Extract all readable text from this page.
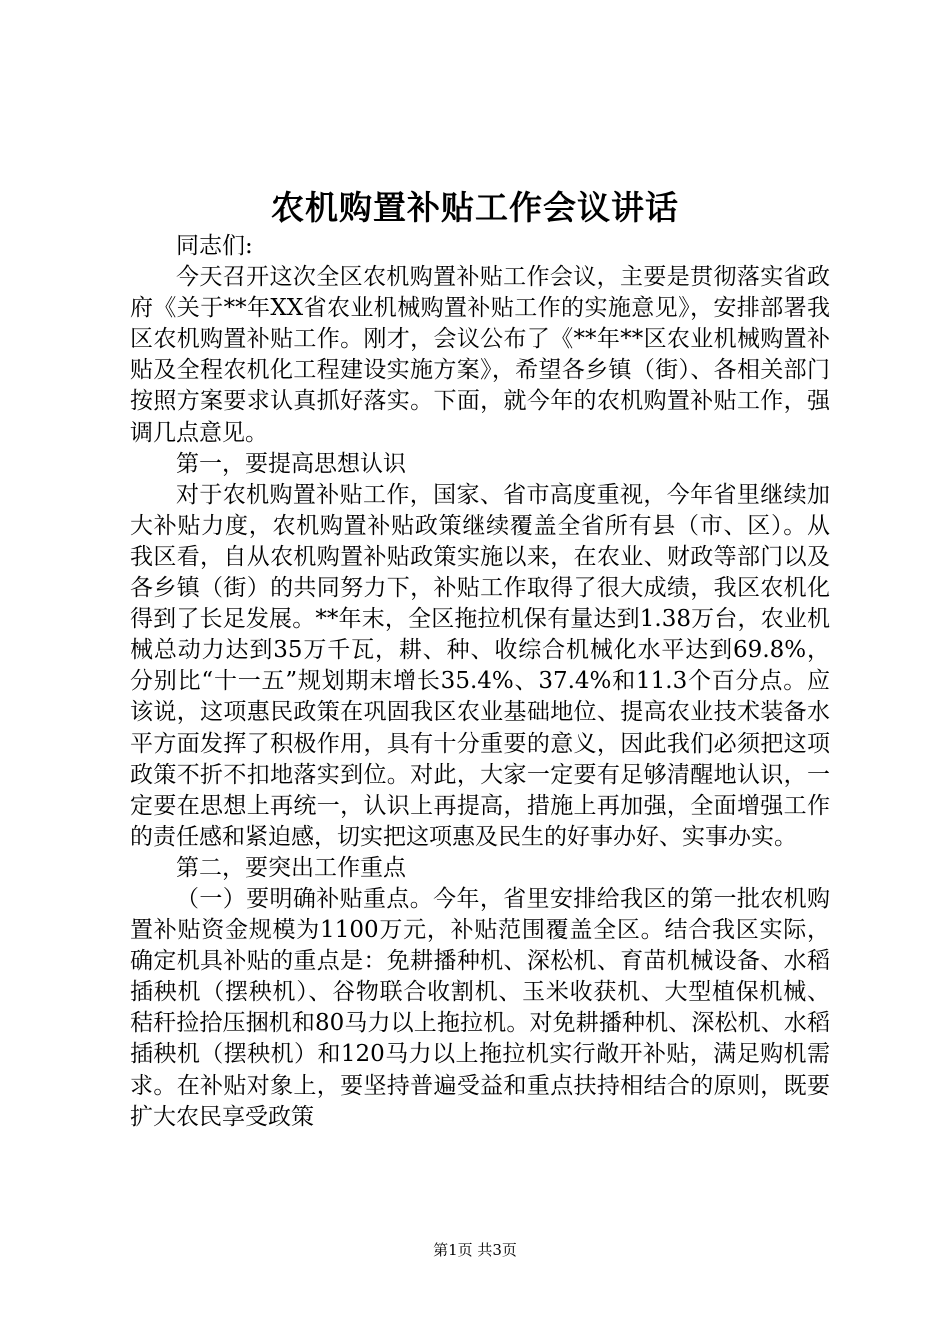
农机购置补贴工作会议讲话

同志们:

今天召开这次全区农机购置补贴工作会议，主要是贯彻落实省政府《关于**年XX省农业机械购置补贴工作的实施意见》，安排部署我区农机购置补贴工作。刚才，会议公布了《**年**区农业机械购置补贴及全程农机化工程建设实施方案》，希望各乡镇（街）、各相关部门按照方案要求认真抓好落实。下面，就今年的农机购置补贴工作，强调几点意见。

第一，要提高思想认识

对于农机购置补贴工作，国家、省市高度重视，今年省里继续加大补贴力度，农机购置补贴政策继续覆盖全省所有县（市、区）。从我区看，自从农机购置补贴政策实施以来，在农业、财政等部门以及各乡镇（街）的共同努力下，补贴工作取得了很大成绩，我区农机化得到了长足发展。**年末，全区拖拉机保有量达到1.38万台，农业机械总动力达到35万千瓦，耕、种、收综合机械化水平达到69.8%，分别比“十一五”规划期末增长35.4%、37.4%和11.3个百分点。应该说，这项惠民政策在巩固我区农业基础地位、提高农业技术装备水平方面发挥了积极作用，具有十分重要的意义，因此我们必须把这项政策不折不扣地落实到位。对此，大家一定要有足够清醒地认识，一定要在思想上再统一，认识上再提高，措施上再加强，全面增强工作的责任感和紧迫感，切实把这项惠及民生的好事办好、实事办实。

第二，要突出工作重点

（一）要明确补贴重点。今年，省里安排给我区的第一批农机购置补贴资金规模为1100万元，补贴范围覆盖全区。结合我区实际，确定机具补贴的重点是：免耕播种机、深松机、育苗机械设备、水稻插秧机（摆秧机）、谷物联合收割机、玉米收获机、大型植保机械、秸秆捡拾压捆机和80马力以上拖拉机。对免耕播种机、深松机、水稻插秧机（摆秧机）和120马力以上拖拉机实行敞开补贴，满足购机需求。在补贴对象上，要坚持普遍受益和重点扶持相结合的原则，既要扩大农民享受政策

第1页 共3页
